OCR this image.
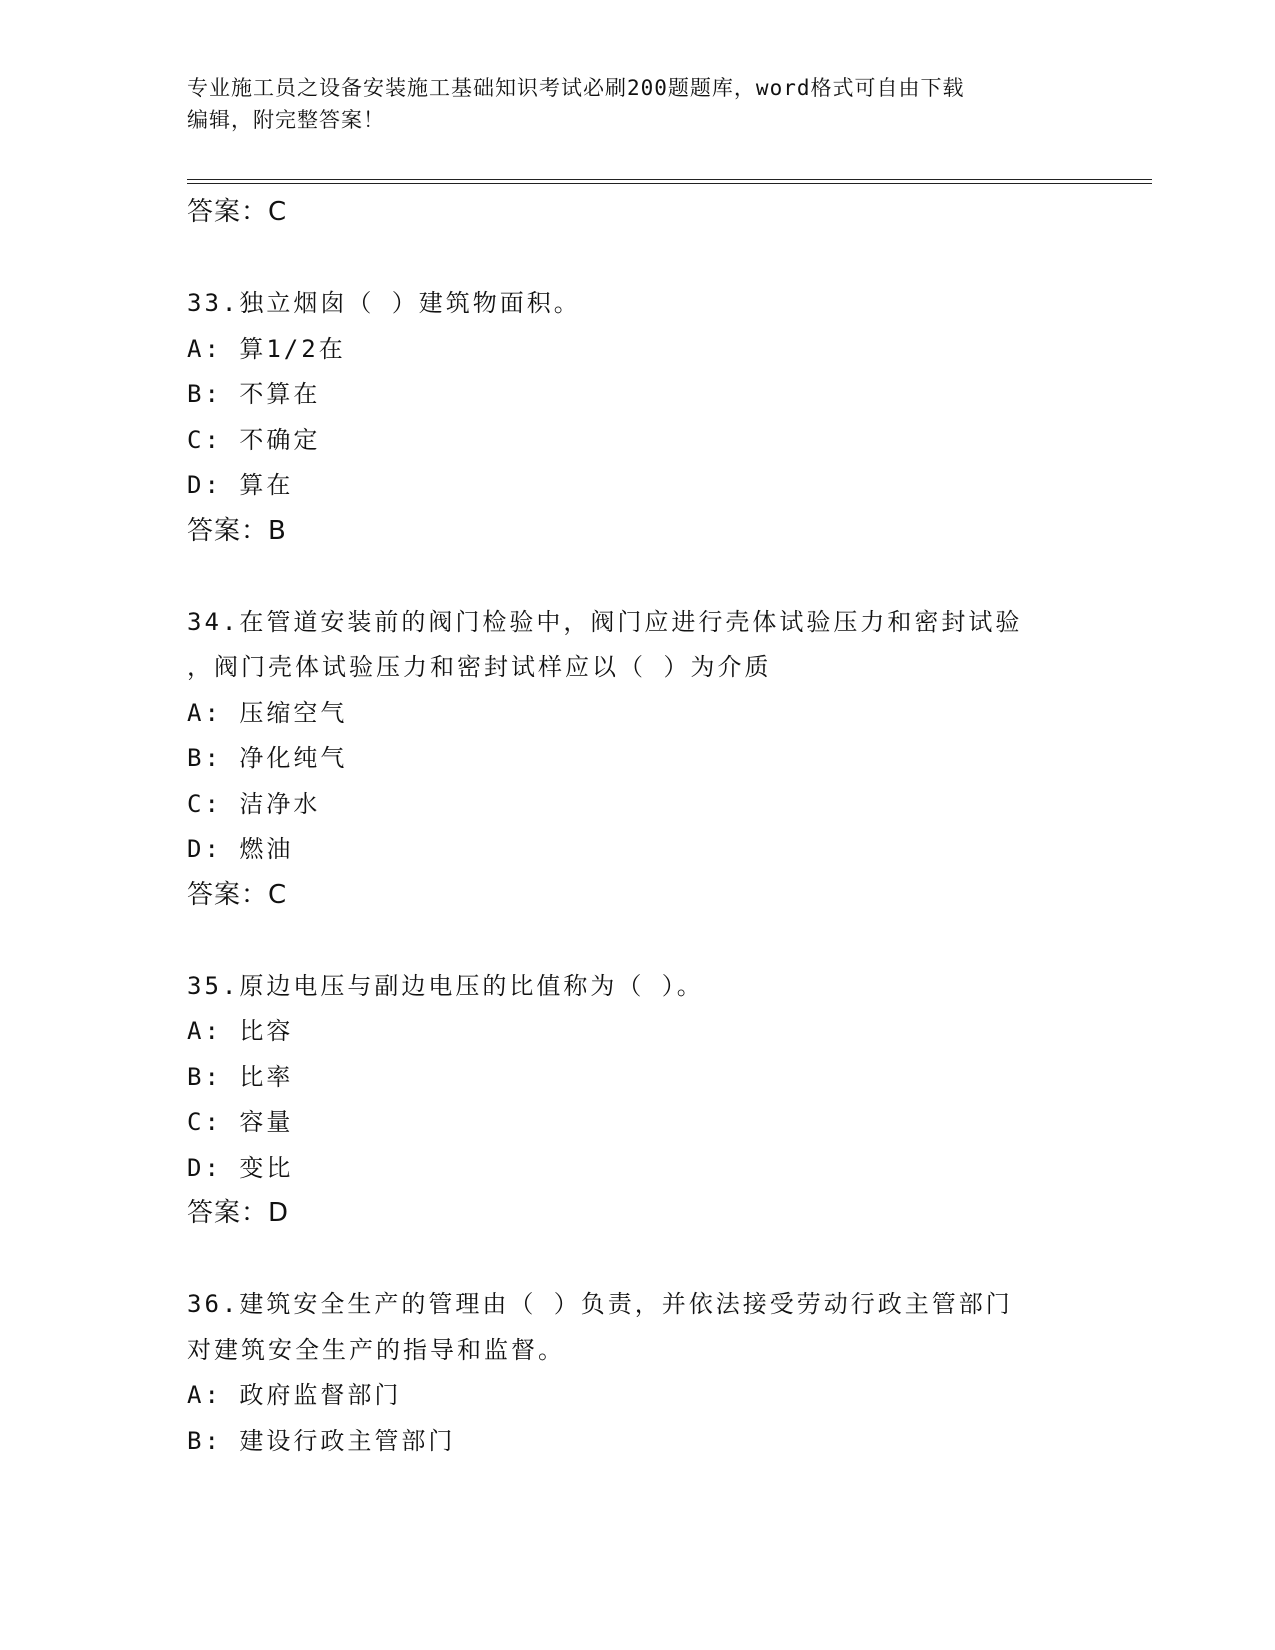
专业施工员之设备安装施工基础知识考试必刷200题题库，word格式可自由下载
编辑，附完整答案！
答案：C
33.独立烟囱（ ）建筑物面积。
A: 算1/2在
B: 不算在
C: 不确定
D: 算在
答案：B
34.在管道安装前的阀门检验中，阀门应进行壳体试验压力和密封试验
，阀门壳体试验压力和密封试样应以（ ）为介质
A: 压缩空气
B: 净化纯气
C: 洁净水
D: 燃油
答案：C
35.原边电压与副边电压的比值称为（ ）。
A: 比容
B: 比率
C: 容量
D: 变比
答案：D
36.建筑安全生产的管理由（ ）负责，并依法接受劳动行政主管部门
对建筑安全生产的指导和监督。
A: 政府监督部门
B: 建设行政主管部门
